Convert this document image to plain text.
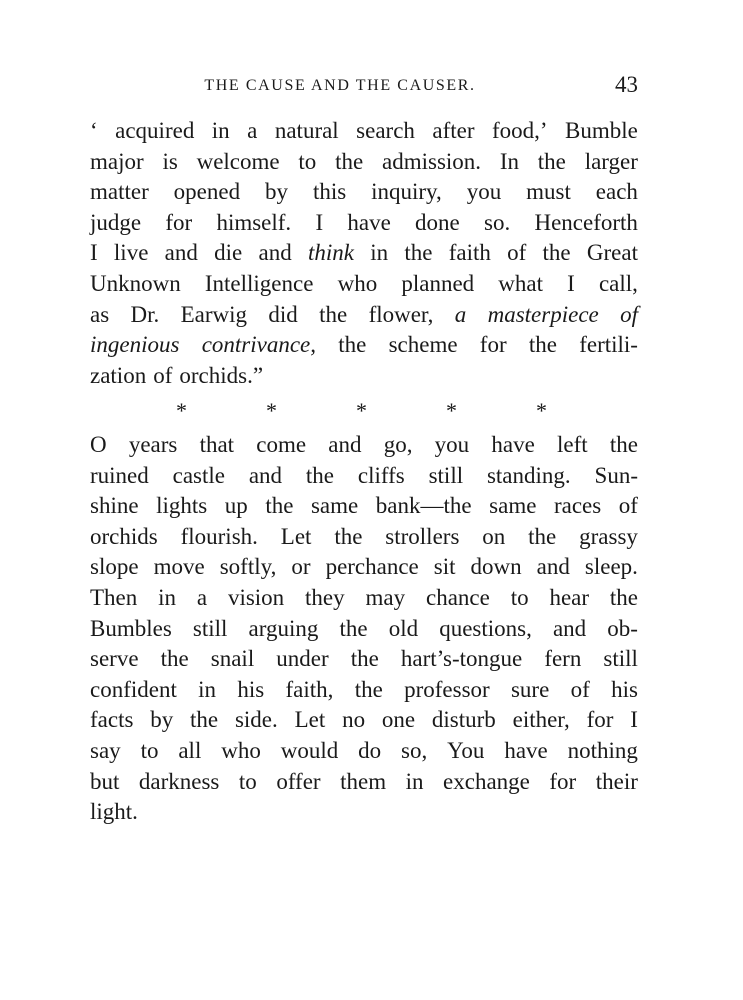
THE CAUSE AND THE CAUSER.	43
‘ acquired in a natural search after food,’ Bumble
major is welcome to the admission. In the larger
matter opened by this inquiry, you must each
judge for himself. I have done so. Henceforth
I live and die and think in the faith of the Great
Unknown Intelligence who planned what I call,
as Dr. Earwig did the flower, a masterpiece of
ingenious contrivance, the scheme for the fertili-
zation of orchids.”
*	*	*	*	*
O years that come and go, you have left the
ruined castle and the cliffs still standing. Sun-
shine lights up the same bank—the same races of
orchids flourish. Let the strollers on the grassy
slope move softly, or perchance sit down and sleep.
Then in a vision they may chance to hear the
Bumbles still arguing the old questions, and ob-
serve the snail under the hart’s-tongue fern still
confident in his faith, the professor sure of his
facts by the side. Let no one disturb either, for I
say to all who would do so, You have nothing
but darkness to offer them in exchange for their
light.
